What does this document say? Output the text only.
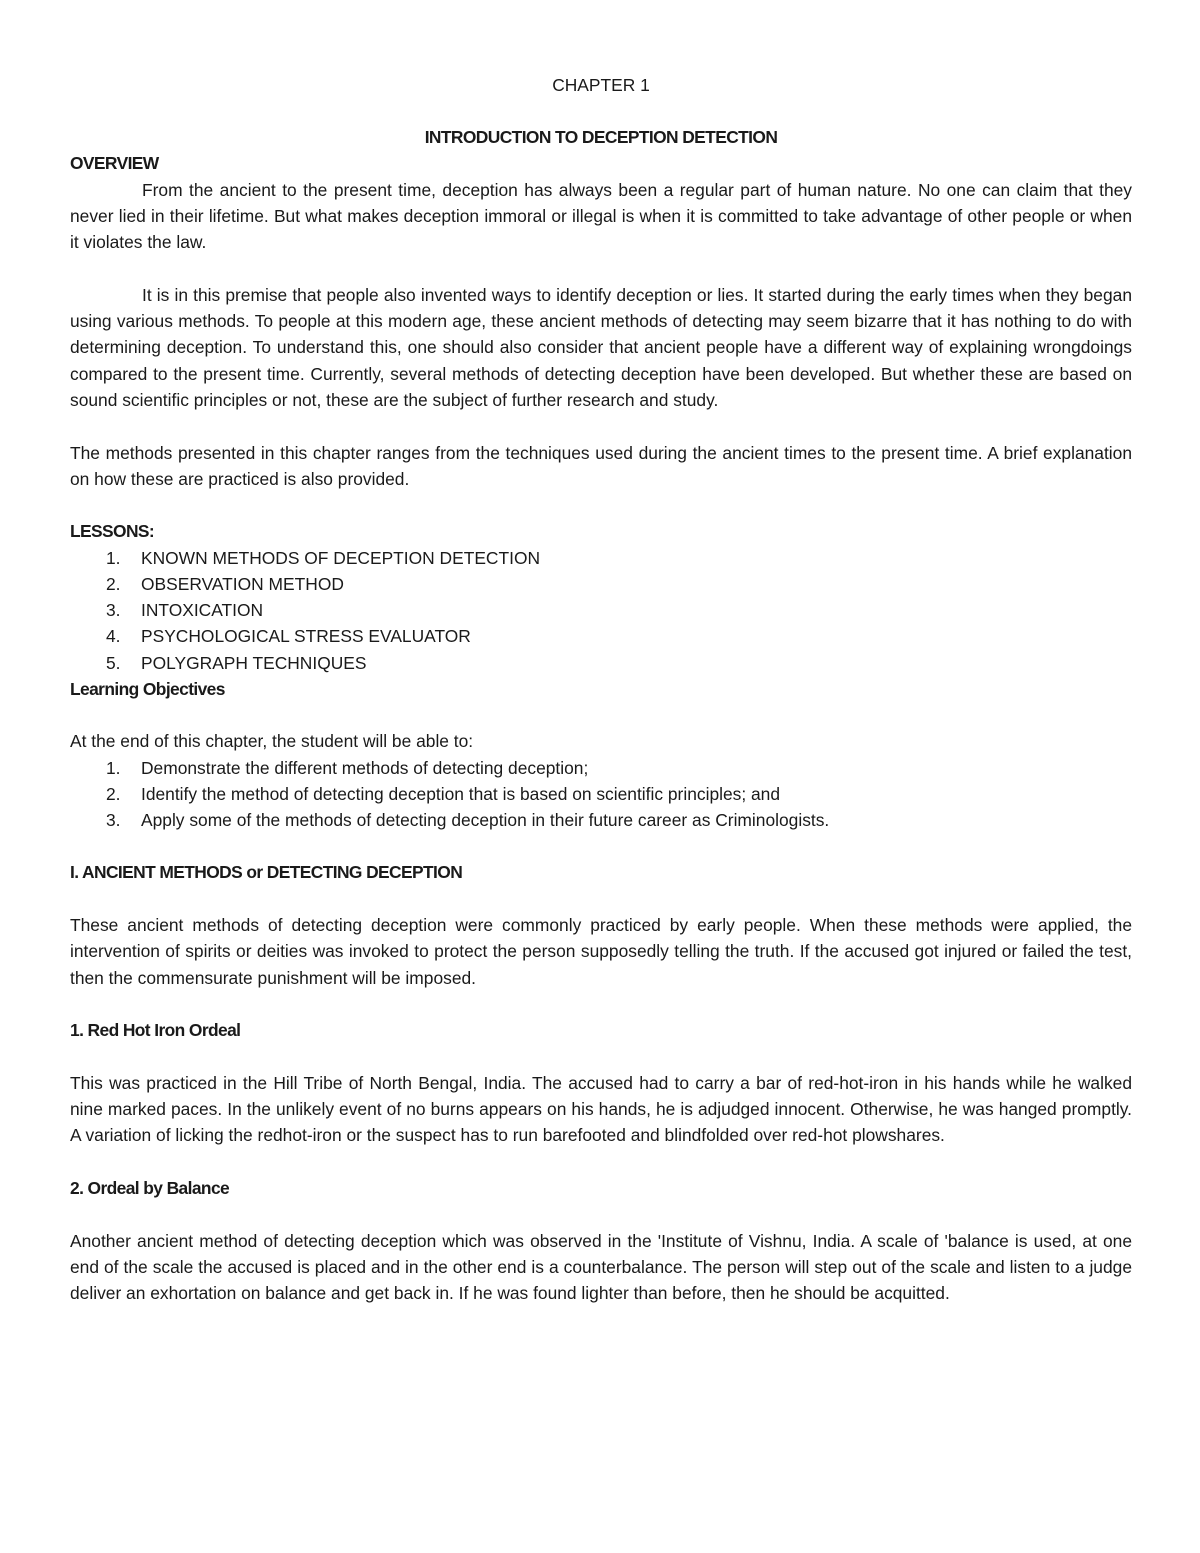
CHAPTER 1

INTRODUCTION TO DECEPTION DETECTION

OVERVIEW

From the ancient to the present time, deception has always been a regular part of human nature. No one can claim that they never lied in their lifetime. But what makes deception immoral or illegal is when it is committed to take advantage of other people or when it violates the law.

It is in this premise that people also invented ways to identify deception or lies. It started during the early times when they began using various methods. To people at this modern age, these ancient methods of detecting may seem bizarre that it has nothing to do with determining deception. To understand this, one should also consider that ancient people have a different way of explaining wrongdoings compared to the present time. Currently, several methods of detecting deception have been developed. But whether these are based on sound scientific principles or not, these are the subject of further research and study.

The methods presented in this chapter ranges from the techniques used during the ancient times to the present time. A brief explanation on how these are practiced is also provided.

LESSONS:

1. KNOWN METHODS OF DECEPTION DETECTION
2. OBSERVATION METHOD
3. INTOXICATION
4. PSYCHOLOGICAL STRESS EVALUATOR
5. POLYGRAPH TECHNIQUES

Learning Objectives

At the end of this chapter, the student will be able to:

1. Demonstrate the different methods of detecting deception;
2. Identify the method of detecting deception that is based on scientific principles; and
3. Apply some of the methods of detecting deception in their future career as Criminologists.

I. ANCIENT METHODS or DETECTING DECEPTION

These ancient methods of detecting deception were commonly practiced by early people. When these methods were applied, the intervention of spirits or deities was invoked to protect the person supposedly telling the truth. If the accused got injured or failed the test, then the commensurate punishment will be imposed.

1. Red Hot Iron Ordeal

This was practiced in the Hill Tribe of North Bengal, India. The accused had to carry a bar of red-hot-iron in his hands while he walked nine marked paces. In the unlikely event of no burns appears on his hands, he is adjudged innocent. Otherwise, he was hanged promptly. A variation of licking the redhot-iron or the suspect has to run barefooted and blindfolded over red-hot plowshares.

2. Ordeal by Balance

Another ancient method of detecting deception which was observed in the 'Institute of Vishnu, India. A scale of 'balance is used, at one end of the scale the accused is placed and in the other end is a counterbalance. The person will step out of the scale and listen to a judge deliver an exhortation on balance and get back in. If he was found lighter than before, then he should be acquitted.
